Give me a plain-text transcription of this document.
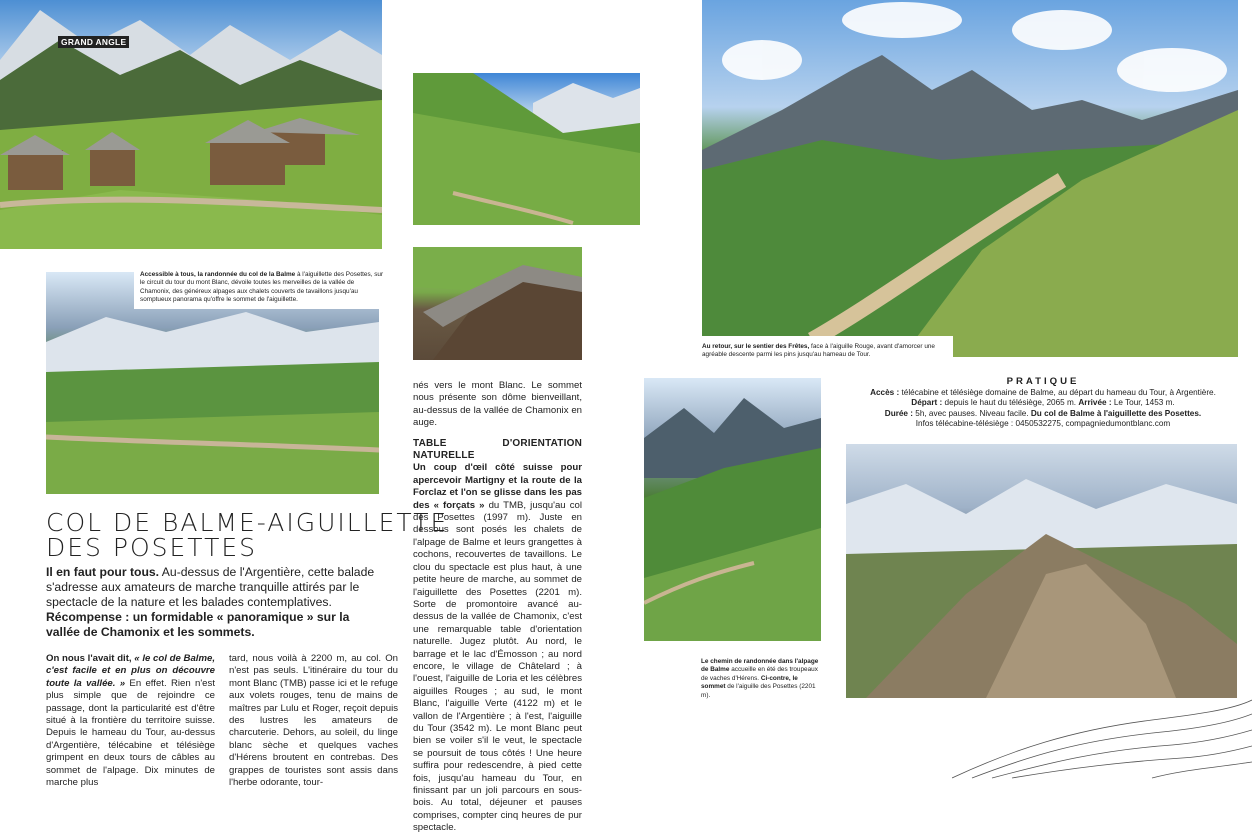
GRAND ANGLE
Accessible à tous, la randonnée du col de la Balme à l'aiguillette des Posettes, sur le circuit du tour du mont Blanc, dévoile toutes les merveilles de la vallée de Chamonix, des généreux alpages aux chalets couverts de tavaillons jusqu'au somptueux panorama qu'offre le sommet de l'aiguillette.
Au retour, sur le sentier des Frêtes, face à l'aiguille Rouge, avant d'amorcer une agréable descente parmi les pins jusqu'au hameau de Tour.
Le chemin de randonnée dans l'alpage de Balme accueille en été des troupeaux de vaches d'Hérens. Ci-contre, le sommet de l'aiguille des Posettes (2201 m).
COL DE BALME-AIGUILLETTE
DES POSETTES
Il en faut pour tous. Au-dessus de l'Argentière, cette balade s'adresse aux amateurs de marche tranquille attirés par le spectacle de la nature et les balades contemplatives. Récompense : un formidable « panoramique » sur la vallée de Chamonix et les sommets.
On nous l'avait dit, « le col de Balme, c'est facile et en plus on découvre toute la vallée. » En effet. Rien n'est plus simple que de rejoindre ce passage, dont la particularité est d'être situé à la frontière du territoire suisse. Depuis le hameau du Tour, au-dessus d'Argentière, télécabine et télésiège grimpent en deux tours de câbles au sommet de l'alpage. Dix minutes de marche plus
tard, nous voilà à 2200 m, au col. On n'est pas seuls. L'itinéraire du tour du mont Blanc (TMB) passe ici et le refuge aux volets rouges, tenu de mains de maîtres par Lulu et Roger, reçoit depuis des lustres les amateurs de charcuterie. Dehors, au soleil, du linge blanc sèche et quelques vaches d'Hérens broutent en contrebas. Des grappes de touristes sont assis dans l'herbe odorante, tour-
nés vers le mont Blanc. Le sommet nous présente son dôme bienveillant, au-dessus de la vallée de Chamonix en auge.
TABLE D'ORIENTATION NATURELLE
Un coup d'œil côté suisse pour apercevoir Martigny et la route de la Forclaz et l'on se glisse dans les pas des « forçats » du TMB, jusqu'au col des Posettes (1997 m). Juste en dessous sont posés les chalets de l'alpage de Balme et leurs grangettes à cochons, recouvertes de tavaillons. Le clou du spectacle est plus haut, à une petite heure de marche, au sommet de l'aiguillette des Posettes (2201 m). Sorte de promontoire avancé au-dessus de la vallée de Chamonix, c'est une remarquable table d'orientation naturelle. Jugez plutôt. Au nord, le barrage et le lac d'Émosson ; au nord encore, le village de Châtelard ; à l'ouest, l'aiguille de Loria et les célèbres aiguilles Rouges ; au sud, le mont Blanc, l'aiguille Verte (4122 m) et le vallon de l'Argentière ; à l'est, l'aiguille du Tour (3542 m). Le mont Blanc peut bien se voiler s'il le veut, le spectacle se poursuit de tous côtés ! Une heure suffira pour redescendre, à pied cette fois, jusqu'au hameau du Tour, en finissant par un joli parcours en sous-bois. Au total, déjeuner et pauses comprises, compter cinq heures de pur spectacle.
PRATIQUE
Accès : télécabine et télésiège domaine de Balme, au départ du hameau du Tour, à Argentière.
Départ : depuis le haut du télésiège, 2065 m. Arrivée : Le Tour, 1453 m.
Durée : 5h, avec pauses. Niveau facile. Du col de Balme à l'aiguillette des Posettes.
Infos télécabine-télésiège : 0450532275, compagniedumontblanc.com
